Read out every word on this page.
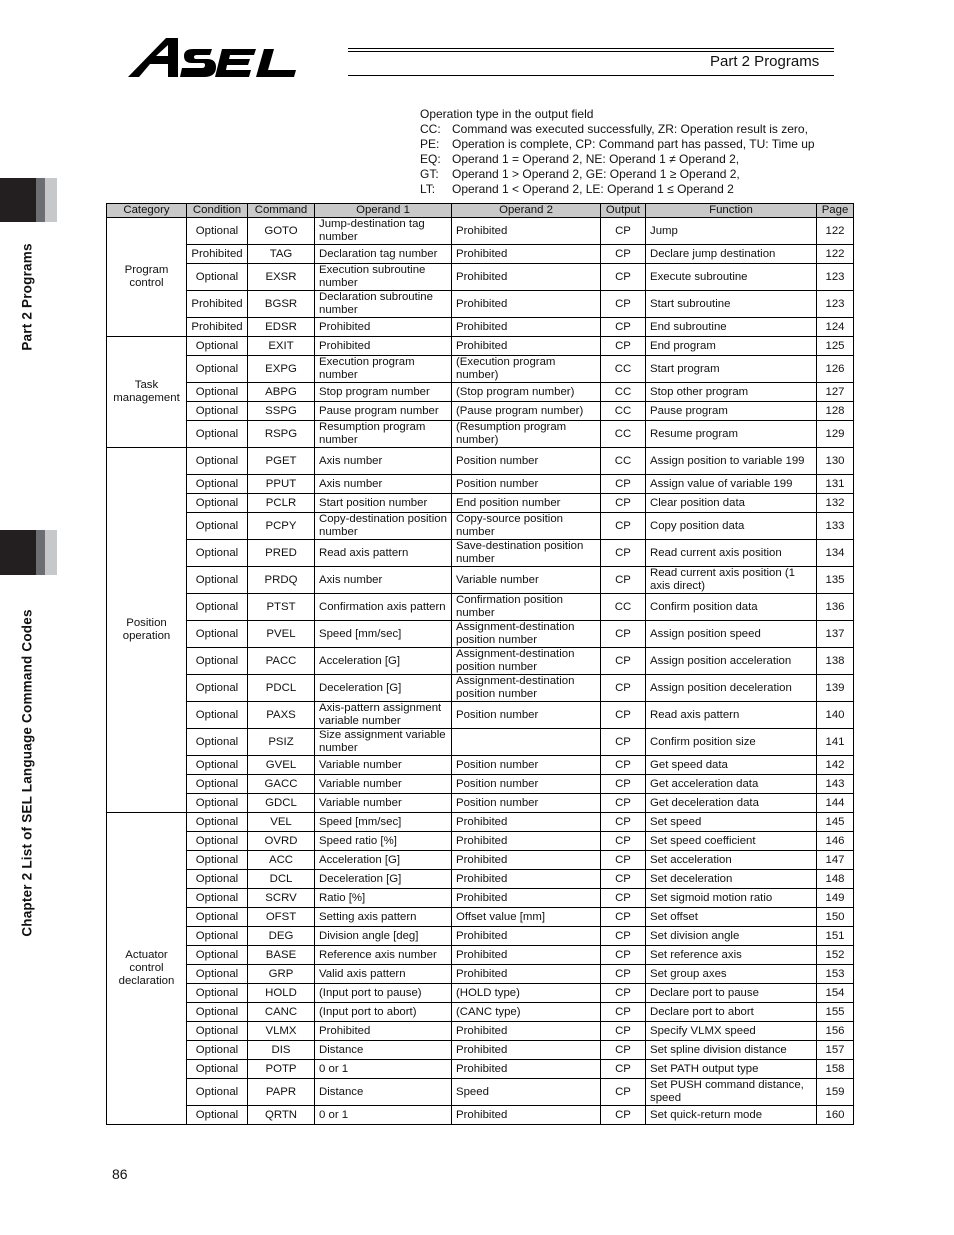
Part 2 Programs
Part 2 Programs
Chapter 2 List of SEL Language Command Codes
Operation type in the output field
CC: Command was executed successfully, ZR: Operation result is zero,
PE:	Operation is complete, CP: Command part has passed, TU: Time up
EQ: Operand 1 = Operand 2, NE: Operand 1 ≠ Operand 2,
GT:	Operand 1 > Operand 2, GE: Operand 1 ≥ Operand 2,
LT:	Operand 1 < Operand 2, LE: Operand 1 ≤ Operand 2
Category	Condition	Command	Operand 1	Operand 2	Output	Function	Page
Program
control	Optional	GOTO	Jump-destination tag number	Prohibited	CP	Jump	122
	Prohibited	TAG	Declaration tag number	Prohibited	CP	Declare jump destination	122
	Optional	EXSR	Execution subroutine number	Prohibited	CP	Execute subroutine	123
	Prohibited	BGSR	Declaration subroutine number	Prohibited	CP	Start subroutine	123
	Prohibited	EDSR	Prohibited	Prohibited	CP	End subroutine	124
Task
management	Optional	EXIT	Prohibited	Prohibited	CP	End program	125
	Optional	EXPG	Execution program number	(Execution program number)	CC	Start program	126
	Optional	ABPG	Stop program number	(Stop program number)	CC	Stop other program	127
	Optional	SSPG	Pause program number	(Pause program number)	CC	Pause program	128
	Optional	RSPG	Resumption program number	(Resumption program number)	CC	Resume program	129
Position
operation	Optional	PGET	Axis number	Position number	CC	Assign position to variable 199	130
	Optional	PPUT	Axis number	Position number	CP	Assign value of variable 199	131
	Optional	PCLR	Start position number	End position number	CP	Clear position data	132
	Optional	PCPY	Copy-destination position number	Copy-source position number	CP	Copy position data	133
	Optional	PRED	Read axis pattern	Save-destination position number	CP	Read current axis position	134
	Optional	PRDQ	Axis number	Variable number	CP	Read current axis position (1 axis direct)	135
	Optional	PTST	Confirmation axis pattern	Confirmation position number	CC	Confirm position data	136
	Optional	PVEL	Speed [mm/sec]	Assignment-destination position number	CP	Assign position speed	137
	Optional	PACC	Acceleration [G]	Assignment-destination position number	CP	Assign position acceleration	138
	Optional	PDCL	Deceleration [G]	Assignment-destination position number	CP	Assign position deceleration	139
	Optional	PAXS	Axis-pattern assignment variable number	Position number	CP	Read axis pattern	140
	Optional	PSIZ	Size assignment variable number		CP	Confirm position size	141
	Optional	GVEL	Variable number	Position number	CP	Get speed data	142
	Optional	GACC	Variable number	Position number	CP	Get acceleration data	143
	Optional	GDCL	Variable number	Position number	CP	Get deceleration data	144
Actuator
control
declaration	Optional	VEL	Speed [mm/sec]	Prohibited	CP	Set speed	145
	Optional	OVRD	Speed ratio [%]	Prohibited	CP	Set speed coefficient	146
	Optional	ACC	Acceleration [G]	Prohibited	CP	Set acceleration	147
	Optional	DCL	Deceleration [G]	Prohibited	CP	Set deceleration	148
	Optional	SCRV	Ratio [%]	Prohibited	CP	Set sigmoid motion ratio	149
	Optional	OFST	Setting axis pattern	Offset value [mm]	CP	Set offset	150
	Optional	DEG	Division angle [deg]	Prohibited	CP	Set division angle	151
	Optional	BASE	Reference axis number	Prohibited	CP	Set reference axis	152
	Optional	GRP	Valid axis pattern	Prohibited	CP	Set group axes	153
	Optional	HOLD	(Input port to pause)	(HOLD type)	CP	Declare port to pause	154
	Optional	CANC	(Input port to abort)	(CANC type)	CP	Declare port to abort	155
	Optional	VLMX	Prohibited	Prohibited	CP	Specify VLMX speed	156
	Optional	DIS	Distance	Prohibited	CP	Set spline division distance	157
	Optional	POTP	0 or 1	Prohibited	CP	Set PATH output type	158
	Optional	PAPR	Distance	Speed	CP	Set PUSH command distance, speed	159
	Optional	QRTN	0 or 1	Prohibited	CP	Set quick-return mode	160
86
